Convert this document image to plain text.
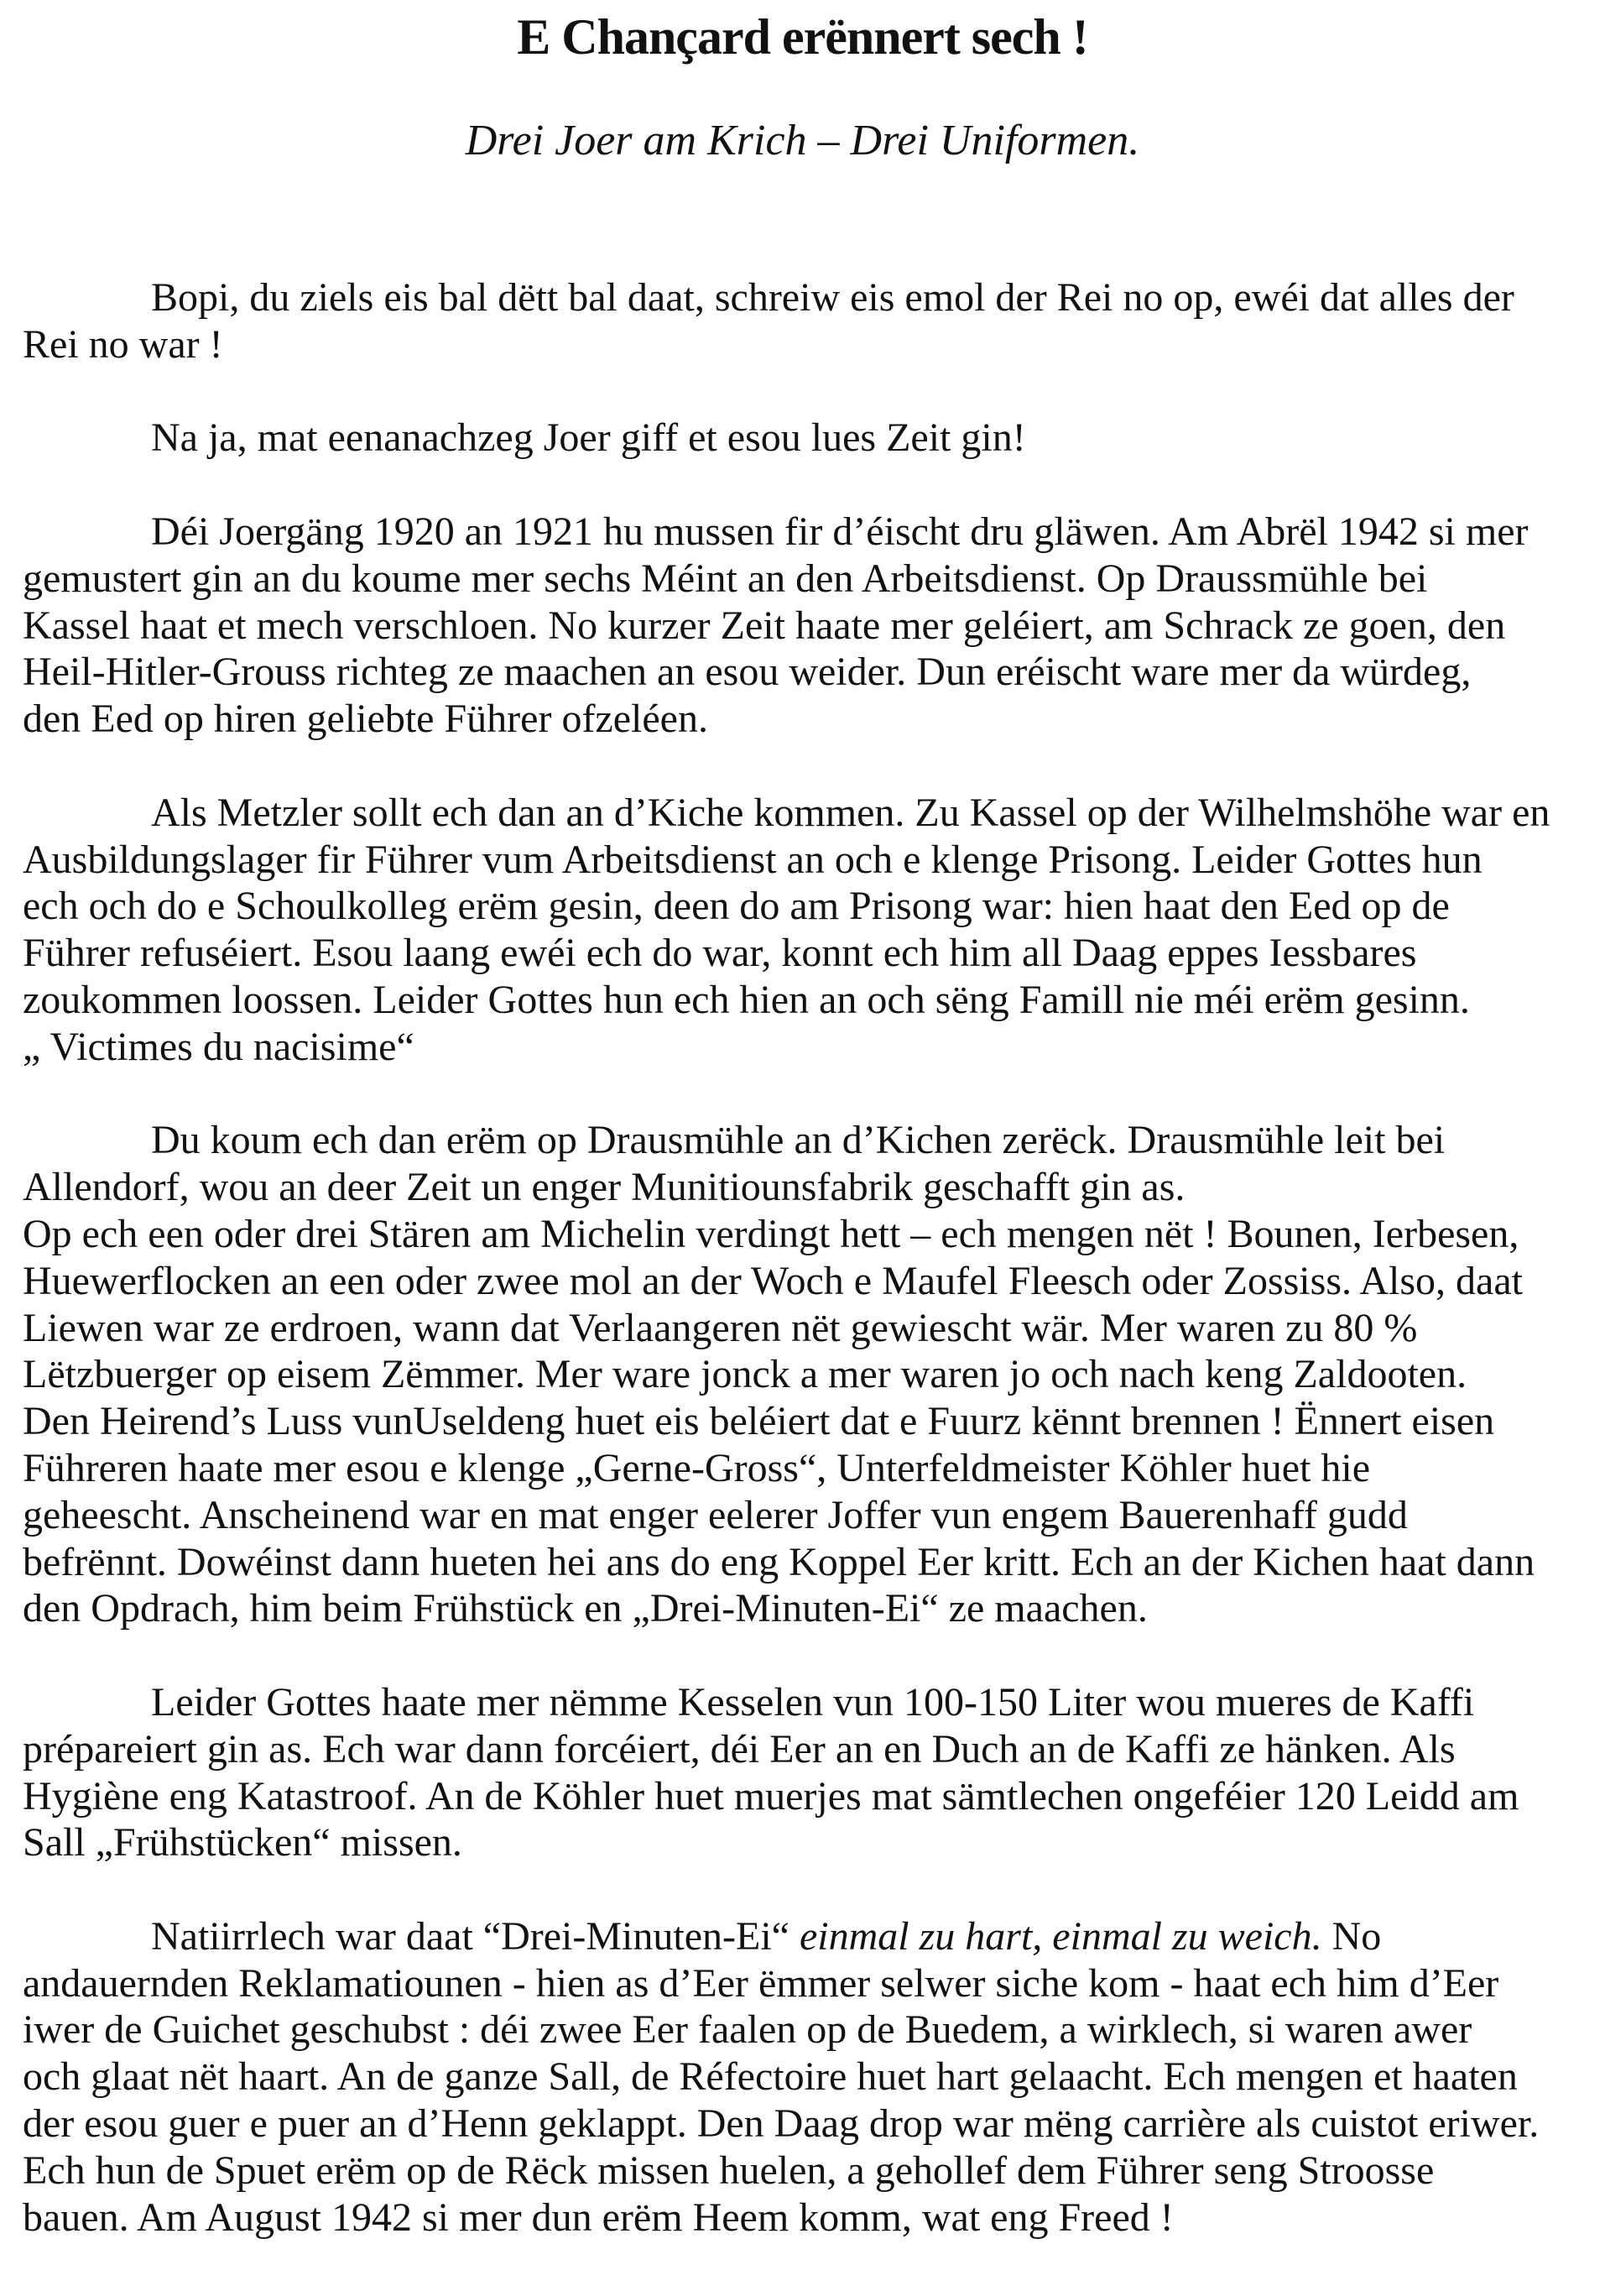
E Chançard erënnert sech !
Drei Joer am Krich – Drei Uniformen.
Bopi, du ziels eis bal dëtt bal daat, schreiw eis emol der Rei no op, ewéi dat alles der
Rei no war !
Na ja, mat eenanachzeg Joer giff et esou lues Zeit gin!
Déi Joergäng 1920 an 1921 hu mussen fir d’éischt dru gläwen. Am Abrël 1942 si mer
gemustert gin an du koume mer sechs Méint an den Arbeitsdienst. Op Draussmühle bei
Kassel haat et mech verschloen. No kurzer Zeit haate mer geléiert, am Schrack ze goen, den
Heil-Hitler-Grouss richteg ze maachen an esou weider. Dun eréischt ware mer da würdeg,
den Eed op hiren geliebte Führer ofzeléen.
Als Metzler sollt ech dan an d’Kiche kommen. Zu Kassel op der Wilhelmshöhe war en
Ausbildungslager fir Führer vum Arbeitsdienst an och e klenge Prisong. Leider Gottes hun
ech och do e Schoulkolleg erëm gesin, deen do am Prisong war: hien haat den Eed op de
Führer refuséiert. Esou laang ewéi ech do war, konnt ech him all Daag eppes Iessbares
zoukommen loossen. Leider Gottes hun ech hien an och sëng Famill nie méi erëm gesinn.
„ Victimes du nacisime“
Du koum ech dan erëm op Drausmühle an d’Kichen zerëck. Drausmühle leit bei
Allendorf, wou an deer Zeit un enger Munitiounsfabrik geschafft gin as.
Op ech een oder drei Stären am Michelin verdingt hett – ech mengen nët ! Bounen, Ierbesen,
Huewerflocken an een oder zwee mol an der Woch e Maufel Fleesch oder Zossiss. Also, daat
Liewen war ze erdroen, wann dat Verlaangeren nët gewiescht wär. Mer waren zu 80 %
Lëtzbuerger op eisem Zëmmer. Mer ware jonck a mer waren jo och nach keng Zaldooten.
Den Heirend’s Luss vunUseldeng huet eis beléiert dat e Fuurz kënnt brennen ! Ënnert eisen
Führeren haate mer esou e klenge „Gerne-Gross“, Unterfeldmeister Köhler huet hie
geheescht. Anscheinend war en mat enger eelerer Joffer vun engem Bauerenhaff gudd
befrënnt. Dowéinst dann hueten hei ans do eng Koppel Eer kritt. Ech an der Kichen haat dann
den Opdrach, him beim Frühstück en „Drei-Minuten-Ei“ ze maachen.
Leider Gottes haate mer nëmme Kesselen vun 100-150 Liter wou mueres de Kaffi
prépareiert gin as. Ech war dann forcéiert, déi Eer an en Duch an de Kaffi ze hänken. Als
Hygiène eng Katastroof. An de Köhler huet muerjes mat sämtlechen ongeféier 120 Leidd am
Sall „Frühstücken“ missen.
Natiirrlech war daat “Drei-Minuten-Ei“ einmal zu hart, einmal zu weich. No
andauernden Reklamatiounen - hien as d’Eer ëmmer selwer siche kom - haat ech him d’Eer
iwer de Guichet geschubst : déi zwee Eer faalen op de Buedem, a wirklech, si waren awer
och glaat nët haart. An de ganze Sall, de Réfectoire huet hart gelaacht. Ech mengen et haaten
der esou guer e puer an d’Henn geklappt. Den Daag drop war mëng carrière als cuistot eriwer.
Ech hun de Spuet erëm op de Rëck missen huelen, a gehollef dem Führer seng Stroosse
bauen. Am August 1942 si mer dun erëm Heem komm, wat eng Freed !
